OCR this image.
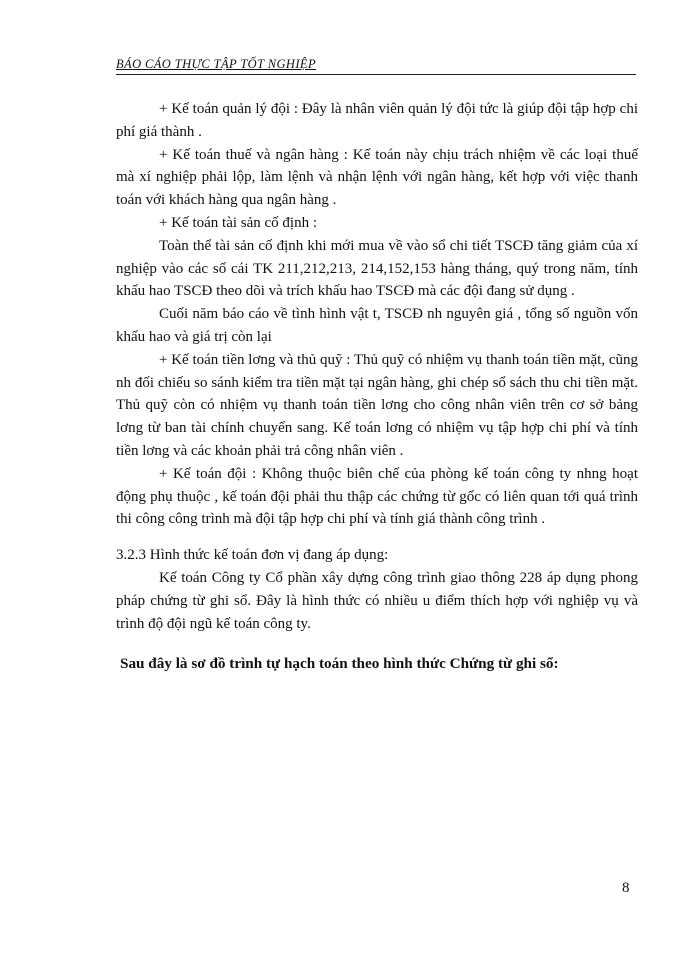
BÁO CÁO THỰC TẬP TỐT NGHIỆP

+ Kế toán quản lý đội : Đây là nhân viên quản lý đội tức là giúp đội tập hợp chi phí giá thành .

+ Kế toán thuế và ngân hàng : Kế toán này chịu trách nhiệm về các loại thuế mà xí nghiệp phải lộp, làm lệnh và nhận lệnh với ngân hàng, kết hợp với việc thanh toán với khách hàng qua ngân hàng .

+ Kế toán tài sản cố định :

Toàn thể tài sản cố định khi mới mua về vào sổ chi tiết TSCĐ tăng giảm của xí nghiệp vào các sổ cái TK 211,212,213, 214,152,153 hàng tháng, quý trong năm, tính khấu hao TSCĐ theo dõi và trích khấu hao TSCĐ mà các đội đang sử dụng .

Cuối năm báo cáo về tình hình vật t, TSCĐ nh nguyên giá , tổng số nguồn vốn khấu hao và giá trị còn lại

+ Kế toán tiền lơng và thủ quỹ : Thủ quỹ có nhiệm vụ thanh toán tiền mặt, cũng nh đối chiếu so sánh kiểm tra tiền mặt tại ngân hàng, ghi chép sổ sách thu chi tiền mặt. Thủ quỹ còn có nhiệm vụ thanh toán tiền lơng cho công nhân viên trên cơ sở bảng lơng từ ban tài chính chuyển sang. Kế toán lơng có nhiệm vụ tập hợp chi phí và tính tiền lơng và các khoản phải trả công nhân viên .

+ Kế toán đội : Không thuộc biên chế của phòng kế toán công ty nhng hoạt động phụ thuộc , kế toán đội phải thu thập các chứng từ gốc có liên quan tới quá trình thi công công trình mà đội tập hợp chi phí và tính giá thành công trình .

3.2.3 Hình thức kế toán đơn vị đang áp dụng:

Kế toán Công ty Cổ phần xây dựng công trình giao thông 228 áp dụng phong pháp chứng từ ghi sổ. Đây là hình thức có nhiều u điểm thích hợp với nghiệp vụ và trình độ đội ngũ kế toán công ty.

Sau đây là sơ đồ trình tự hạch toán theo hình thức Chứng từ ghi sổ:

8
